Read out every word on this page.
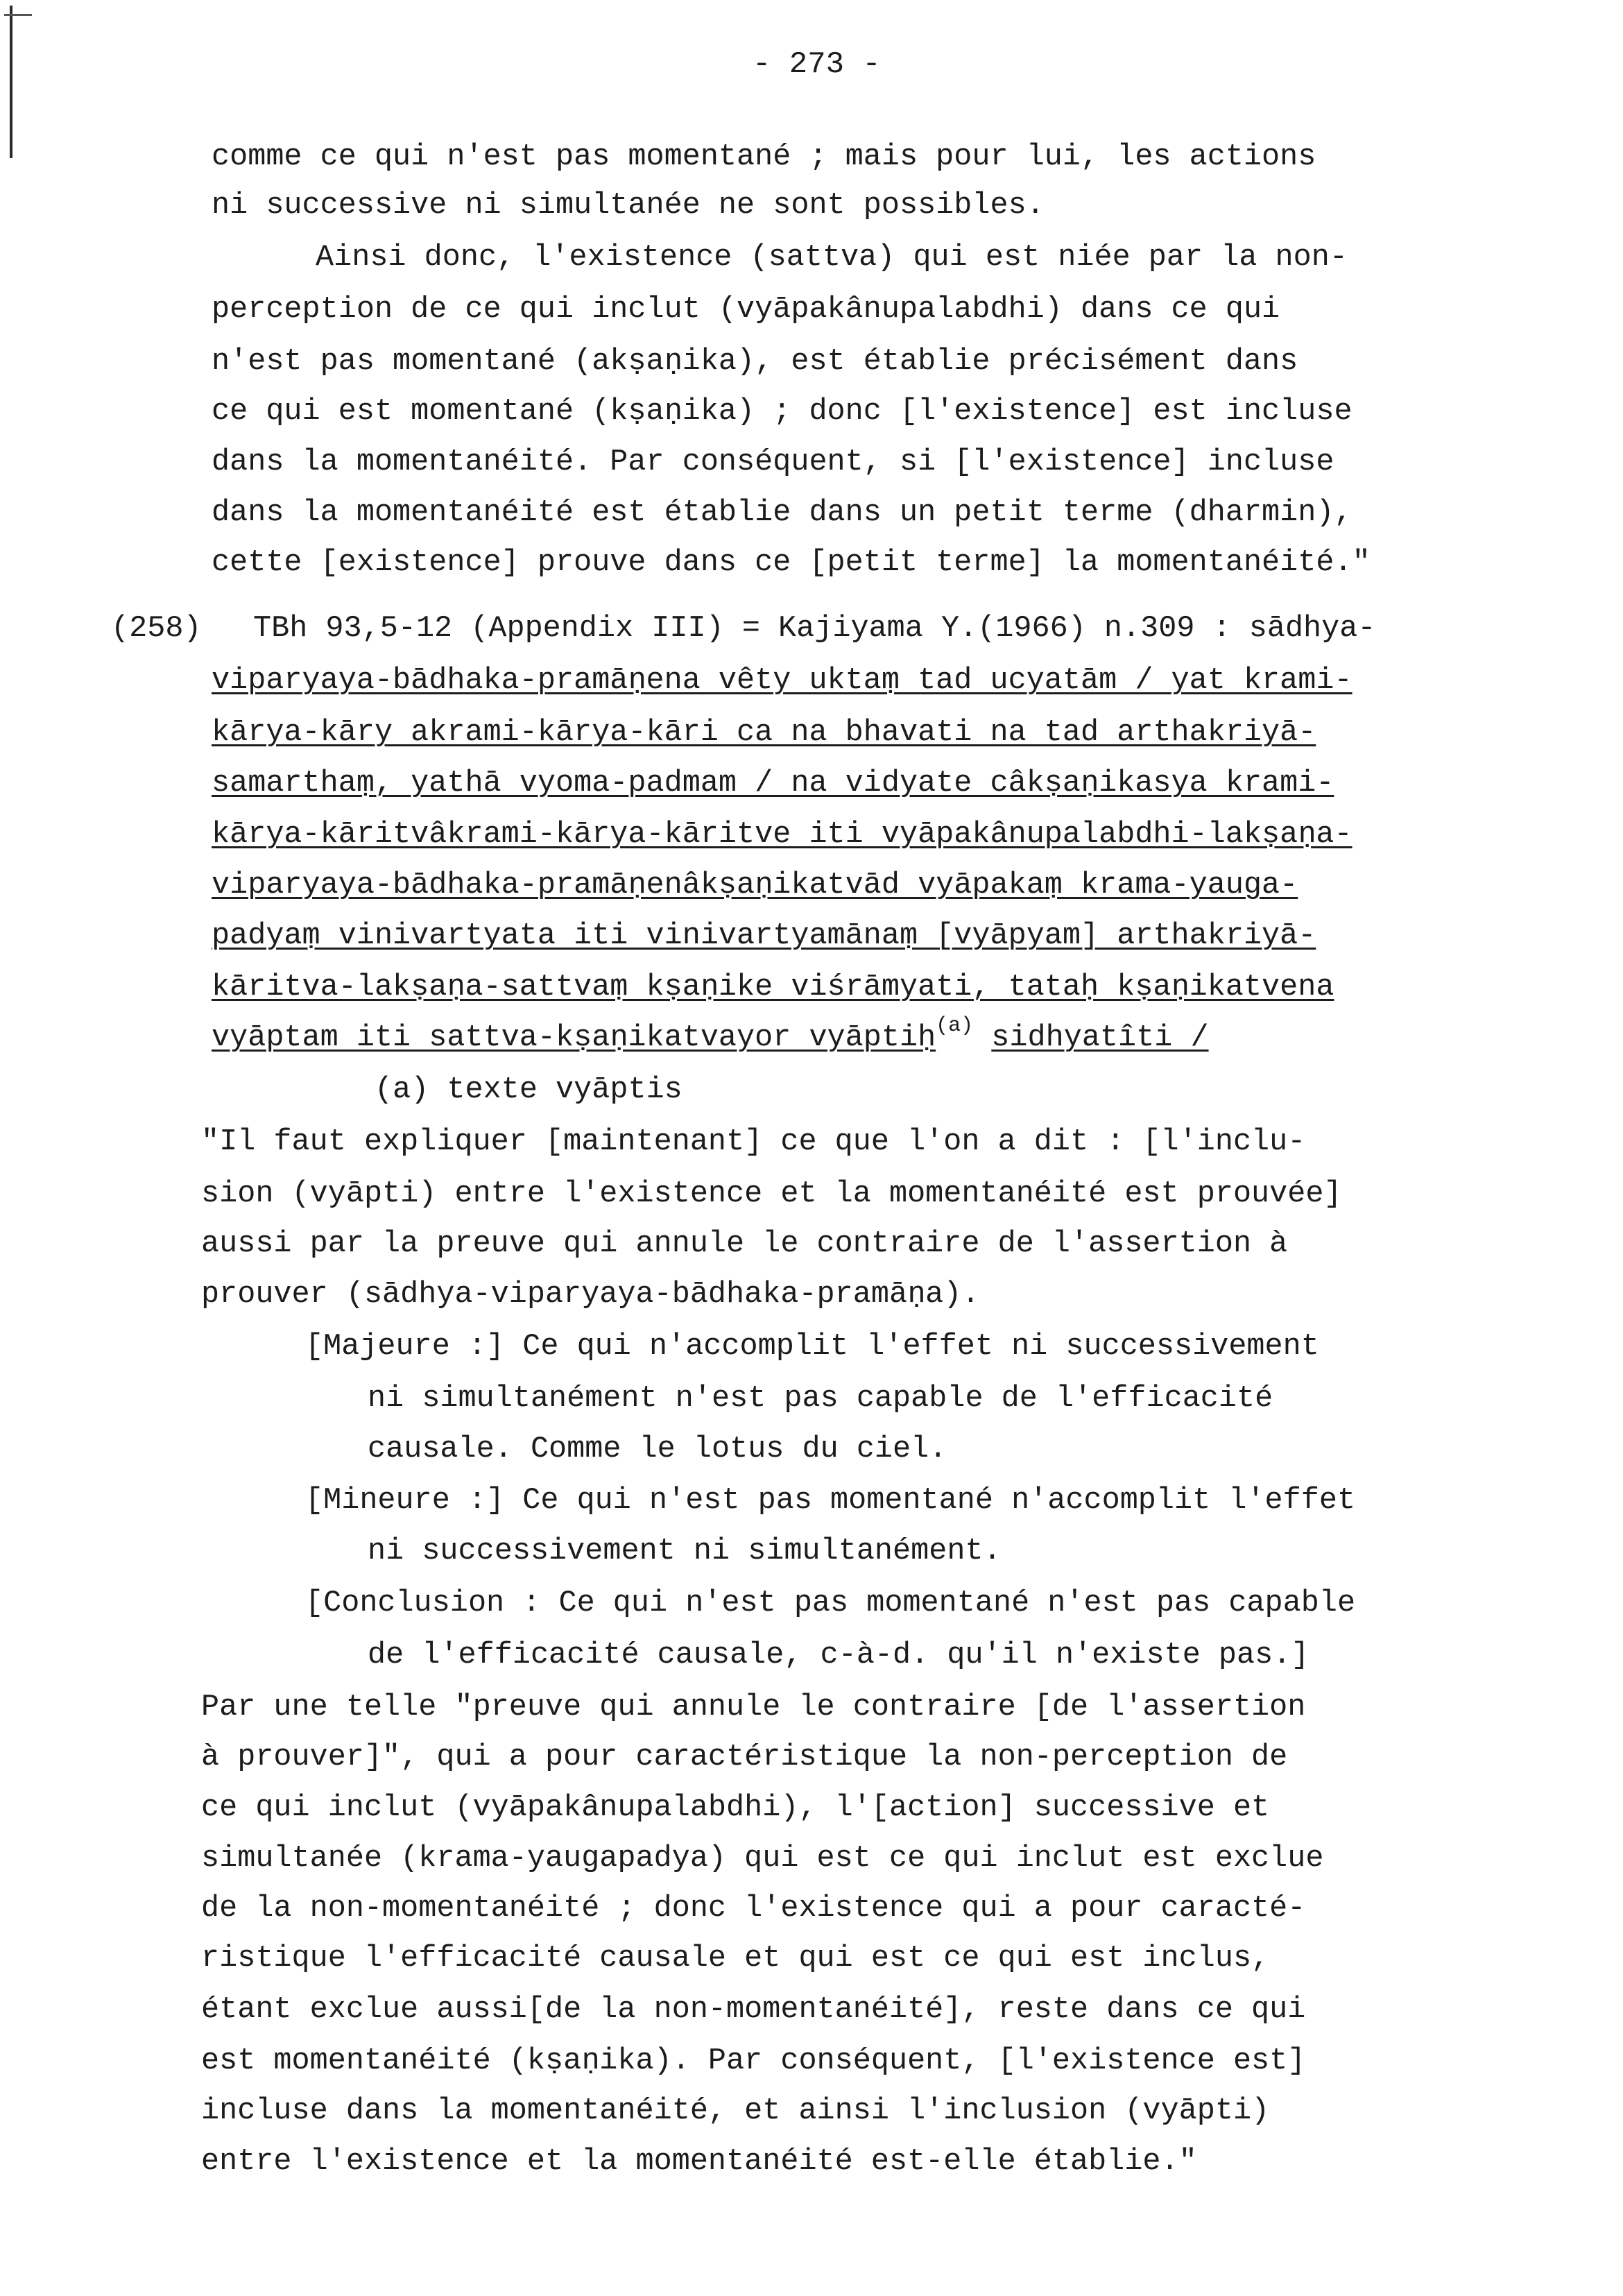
- 273 -
comme ce qui n'est pas momentané ; mais pour lui, les actions
ni successive ni simultanée ne sont possibles.
Ainsi donc, l'existence (sattva) qui est niée par la non-
perception de ce qui inclut (vyāpakânupalabdhi) dans ce qui
n'est pas momentané (akṣaṇika), est établie précisément dans
ce qui est momentané (kṣaṇika) ; donc [l'existence] est incluse
dans la momentanéité. Par conséquent, si [l'existence] incluse
dans la momentanéité est établie dans un petit terme (dharmin),
cette [existence] prouve dans ce [petit terme] la momentanéité."
(258) TBh 93,5-12 (Appendix III) = Kajiyama Y.(1966) n.309 : sādhya-
viparyaya-bādhaka-pramāṇena vêty uktaṃ tad ucyatām / yat krami-
kārya-kāry akrami-kārya-kāri ca na bhavati na tad arthakriyā-
samarthaṃ, yathā vyoma-padmam / na vidyate câkṣaṇikasya krami-
kārya-kāritvâkrami-kārya-kāritve iti vyāpakânupalabdhi-lakṣaṇa-
viparyaya-bādhaka-pramāṇenâkṣaṇikatvād vyāpakaṃ krama-yauga-
padyaṃ vinivartyata iti vinivartyamānaṃ [vyāpyam] arthakriyā-
kāritva-lakṣaṇa-sattvaṃ kṣaṇike viśrāmyati, tataḥ kṣaṇikatvena
vyāptam iti sattva-kṣaṇikatvayor vyāptiḥ$^{(a)}$ sidhyatîti /
(a) texte vyāptis
"Il faut expliquer [maintenant] ce que l'on a dit : [l'inclu-
sion (vyāpti) entre l'existence et la momentanéité est prouvée]
aussi par la preuve qui annule le contraire de l'assertion à
prouver (sādhya-viparyaya-bādhaka-pramāṇa).
[Majeure :] Ce qui n'accomplit l'effet ni successivement
ni simultanément n'est pas capable de l'efficacité
causale. Comme le lotus du ciel.
[Mineure :] Ce qui n'est pas momentané n'accomplit l'effet
ni successivement ni simultanément.
[Conclusion : Ce qui n'est pas momentané n'est pas capable
de l'efficacité causale, c-à-d. qu'il n'existe pas.]
Par une telle "preuve qui annule le contraire [de l'assertion
à prouver]", qui a pour caractéristique la non-perception de
ce qui inclut (vyāpakânupalabdhi), l'[action] successive et
simultanée (krama-yaugapadya) qui est ce qui inclut est exclue
de la non-momentanéité ; donc l'existence qui a pour caracté-
ristique l'efficacité causale et qui est ce qui est inclus,
étant exclue aussi[de la non-momentanéité], reste dans ce qui
est momentanéité (kṣaṇika). Par conséquent, [l'existence est]
incluse dans la momentanéité, et ainsi l'inclusion (vyāpti)
entre l'existence et la momentanéité est-elle établie."
